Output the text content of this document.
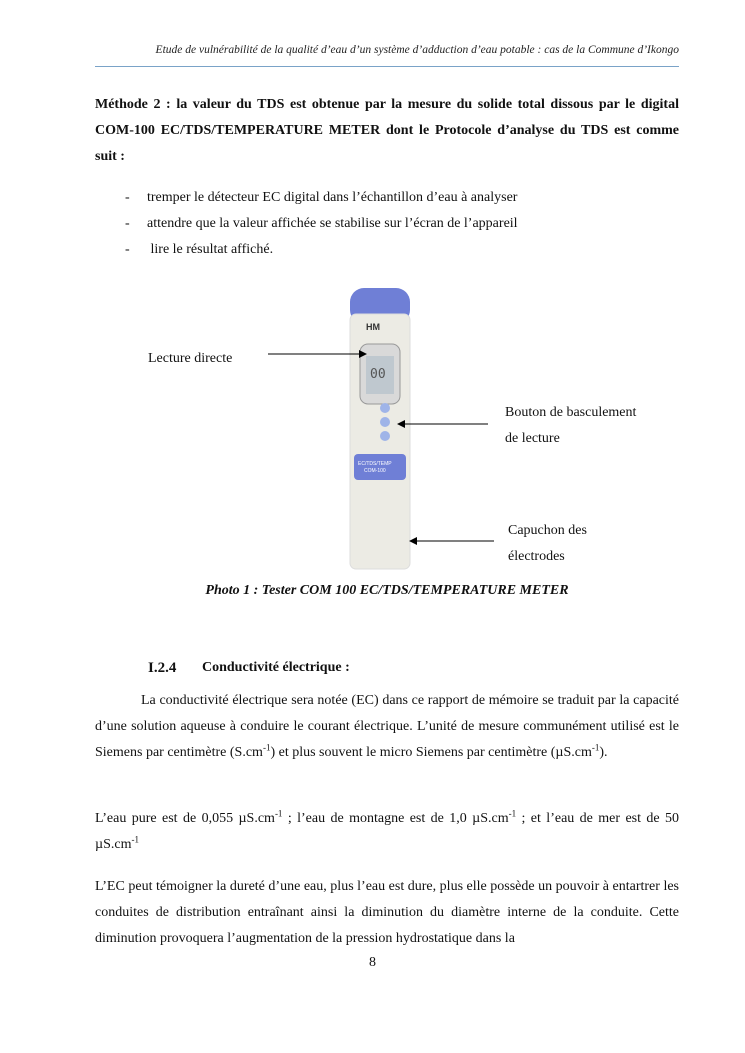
Etude de vulnérabilité de la qualité d’eau d’un système d’adduction d’eau potable : cas de la Commune d’Ikongo
Méthode 2 : la valeur du TDS est obtenue par la mesure du solide total dissous par le digital COM-100 EC/TDS/TEMPERATURE METER dont le Protocole d’analyse du TDS est comme suit :
- tremper le détecteur EC digital dans l’échantillon d’eau à analyser
- attendre que la valeur affichée se stabilise sur l’écran de l’appareil
- lire le résultat affiché.
HM
00
EC/TDS/TEMP
COM-100
Lecture directe
Bouton de basculement
de lecture
Capuchon des
électrodes
Photo 1 : Tester COM 100 EC/TDS/TEMPERATURE METER
I.2.4 Conductivité électrique :
La conductivité électrique sera notée (EC) dans ce rapport de mémoire se traduit par la capacité d’une solution aqueuse à conduire le courant électrique. L’unité de mesure communément utilisé est le Siemens par centimètre $(S.cm^{-1})$ et plus souvent le micro Siemens par centimètre $(\mu S.cm^{-1})$.
L’eau pure est de 0,055 $\mu S.cm^{-1}$ ; l’eau de montagne est de 1,0 $\mu S.cm^{-1}$ ; et l’eau de mer est de 50 $\mu S.cm^{-1}$
L’EC peut témoigner la dureté d’une eau, plus l’eau est dure, plus elle possède un pouvoir à entartrer les conduites de distribution entraînant ainsi la diminution du diamètre interne de la conduite. Cette diminution provoquera l’augmentation de la pression hydrostatique dans la
8
